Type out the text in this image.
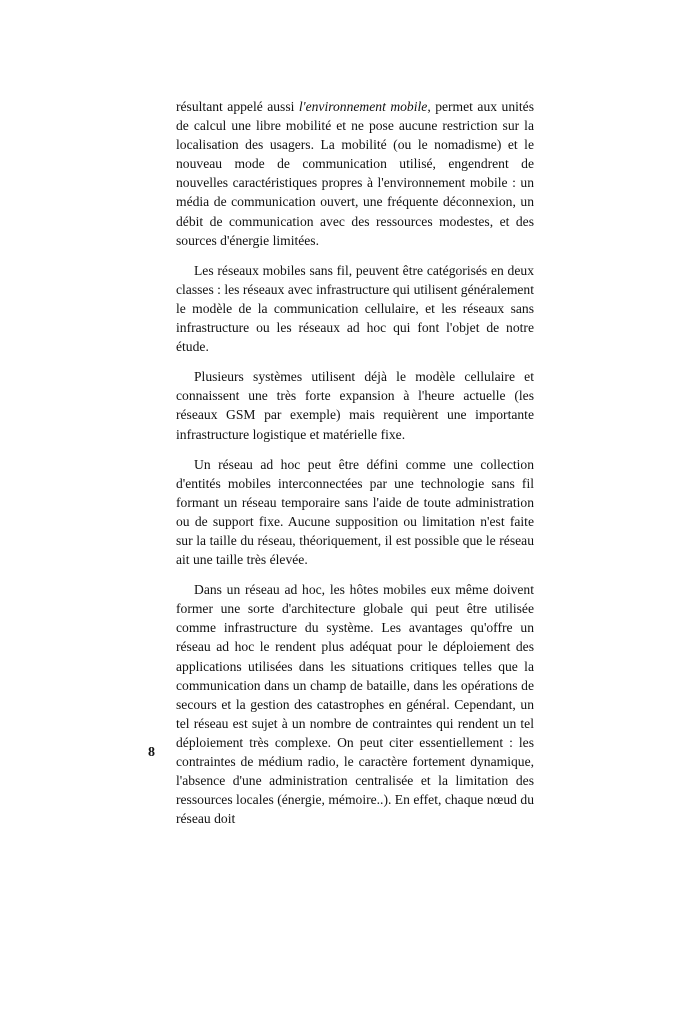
résultant appelé aussi l'environnement mobile, permet aux unités de calcul une libre mobilité et ne pose aucune restriction sur la localisation des usagers. La mobilité (ou le nomadisme) et le nouveau mode de communication utilisé, engendrent de nouvelles caractéristiques propres à l'environnement mobile : un média de communication ouvert, une fréquente déconnexion, un débit de communication avec des ressources modestes, et des sources d'énergie limitées.

Les réseaux mobiles sans fil, peuvent être catégorisés en deux classes : les réseaux avec infrastructure qui utilisent généralement le modèle de la communication cellulaire, et les réseaux sans infrastructure ou les réseaux ad hoc qui font l'objet de notre étude.

Plusieurs systèmes utilisent déjà le modèle cellulaire et connaissent une très forte expansion à l'heure actuelle (les réseaux GSM par exemple) mais requièrent une importante infrastructure logistique et matérielle fixe.

Un réseau ad hoc peut être défini comme une collection d'entités mobiles interconnectées par une technologie sans fil formant un réseau temporaire sans l'aide de toute administration ou de support fixe. Aucune supposition ou limitation n'est faite sur la taille du réseau, théoriquement, il est possible que le réseau ait une taille très élevée.

Dans un réseau ad hoc, les hôtes mobiles eux même doivent former une sorte d'architecture globale qui peut être utilisée comme infrastructure du système. Les avantages qu'offre un réseau ad hoc le rendent plus adéquat pour le déploiement des applications utilisées dans les situations critiques telles que la communication dans un champ de bataille, dans les opérations de secours et la gestion des catastrophes en général. Cependant, un tel réseau est sujet à un nombre de contraintes qui rendent un tel déploiement très complexe. On peut citer essentiellement : les contraintes de médium radio, le caractère fortement dynamique, l'absence d'une administration centralisée et la limitation des ressources locales (énergie, mémoire..). En effet, chaque nœud du réseau doit

8
